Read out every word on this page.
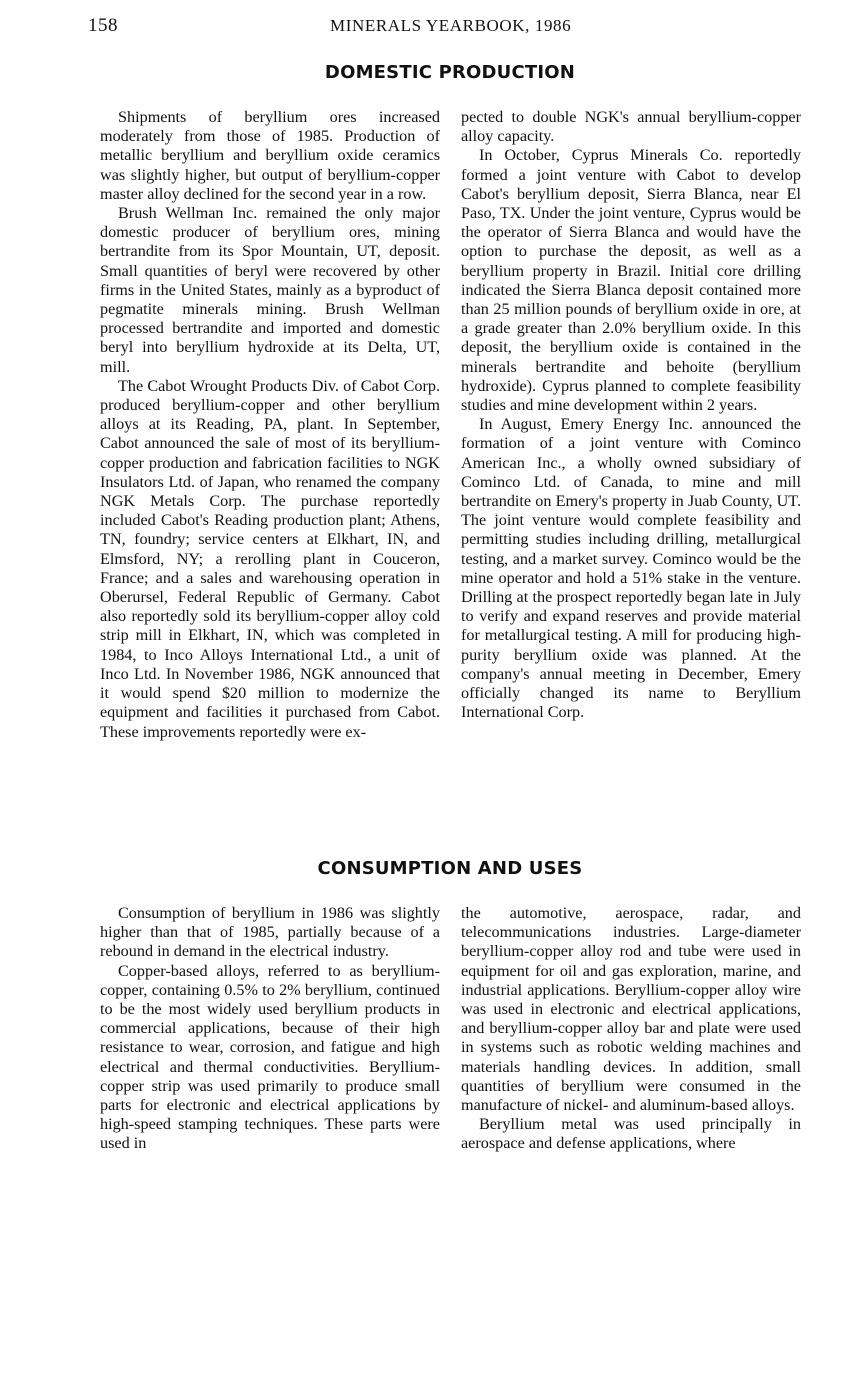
158	MINERALS YEARBOOK, 1986
DOMESTIC PRODUCTION

Shipments of beryllium ores increased moderately from those of 1985. Production of metallic beryllium and beryllium oxide ceramics was slightly higher, but output of beryllium-copper master alloy declined for the second year in a row.

Brush Wellman Inc. remained the only major domestic producer of beryllium ores, mining bertrandite from its Spor Mountain, UT, deposit. Small quantities of beryl were recovered by other firms in the United States, mainly as a byproduct of pegmatite minerals mining. Brush Wellman processed bertrandite and imported and domestic beryl into beryllium hydroxide at its Delta, UT, mill.

The Cabot Wrought Products Div. of Cabot Corp. produced beryllium-copper and other beryllium alloys at its Reading, PA, plant. In September, Cabot announced the sale of most of its beryllium-copper production and fabrication facilities to NGK Insulators Ltd. of Japan, who renamed the company NGK Metals Corp. The purchase reportedly included Cabot's Reading production plant; Athens, TN, foundry; service centers at Elkhart, IN, and Elmsford, NY; a rerolling plant in Couceron, France; and a sales and warehousing operation in Oberursel, Federal Republic of Germany. Cabot also reportedly sold its beryllium-copper alloy cold strip mill in Elkhart, IN, which was completed in 1984, to Inco Alloys International Ltd., a unit of Inco Ltd. In November 1986, NGK announced that it would spend $20 million to modernize the equipment and facilities it purchased from Cabot. These improvements reportedly were ex-

pected to double NGK's annual beryllium-copper alloy capacity.

In October, Cyprus Minerals Co. reportedly formed a joint venture with Cabot to develop Cabot's beryllium deposit, Sierra Blanca, near El Paso, TX. Under the joint venture, Cyprus would be the operator of Sierra Blanca and would have the option to purchase the deposit, as well as a beryllium property in Brazil. Initial core drilling indicated the Sierra Blanca deposit contained more than 25 million pounds of beryllium oxide in ore, at a grade greater than 2.0% beryllium oxide. In this deposit, the beryllium oxide is contained in the minerals bertrandite and behoite (beryllium hydroxide). Cyprus planned to complete feasibility studies and mine development within 2 years.

In August, Emery Energy Inc. announced the formation of a joint venture with Cominco American Inc., a wholly owned subsidiary of Cominco Ltd. of Canada, to mine and mill bertrandite on Emery's property in Juab County, UT. The joint venture would complete feasibility and permitting studies including drilling, metallurgical testing, and a market survey. Cominco would be the mine operator and hold a 51% stake in the venture. Drilling at the prospect reportedly began late in July to verify and expand reserves and provide material for metallurgical testing. A mill for producing high-purity beryllium oxide was planned. At the company's annual meeting in December, Emery officially changed its name to Beryllium International Corp.

CONSUMPTION AND USES

Consumption of beryllium in 1986 was slightly higher than that of 1985, partially because of a rebound in demand in the electrical industry.

Copper-based alloys, referred to as beryllium-copper, containing 0.5% to 2% beryllium, continued to be the most widely used beryllium products in commercial applications, because of their high resistance to wear, corrosion, and fatigue and high electrical and thermal conductivities. Beryllium-copper strip was used primarily to produce small parts for electronic and electrical applications by high-speed stamping techniques. These parts were used in

the automotive, aerospace, radar, and telecommunications industries. Large-diameter beryllium-copper alloy rod and tube were used in equipment for oil and gas exploration, marine, and industrial applications. Beryllium-copper alloy wire was used in electronic and electrical applications, and beryllium-copper alloy bar and plate were used in systems such as robotic welding machines and materials handling devices. In addition, small quantities of beryllium were consumed in the manufacture of nickel- and aluminum-based alloys.

Beryllium metal was used principally in aerospace and defense applications, where
